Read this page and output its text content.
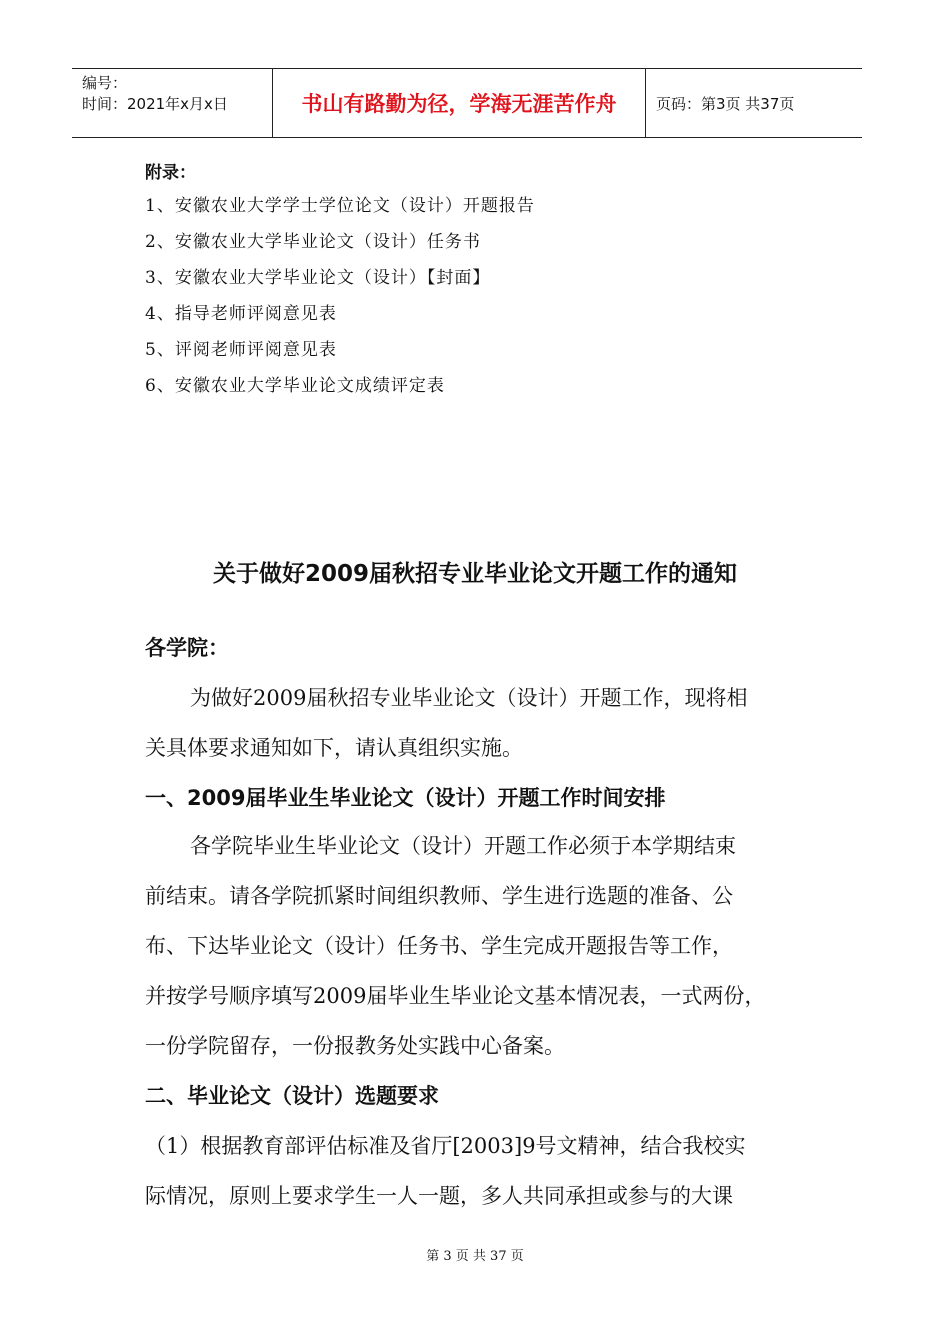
编号：
时间：2021年x月x日	书山有路勤为径，学海无涯苦作舟	页码：第3页 共37页
附录：
1、安徽农业大学学士学位论文（设计）开题报告
2、安徽农业大学毕业论文（设计）任务书
3、安徽农业大学毕业论文（设计）【封面】
4、指导老师评阅意见表
5、评阅老师评阅意见表
6、安徽农业大学毕业论文成绩评定表
关于做好2009届秋招专业毕业论文开题工作的通知
各学院：
为做好2009届秋招专业毕业论文（设计）开题工作，现将相
关具体要求通知如下，请认真组织实施。
一、2009届毕业生毕业论文（设计）开题工作时间安排
各学院毕业生毕业论文（设计）开题工作必须于本学期结束
前结束。请各学院抓紧时间组织教师、学生进行选题的准备、公
布、下达毕业论文（设计）任务书、学生完成开题报告等工作，
并按学号顺序填写2009届毕业生毕业论文基本情况表，一式两份，
一份学院留存，一份报教务处实践中心备案。
二、毕业论文（设计）选题要求
（1）根据教育部评估标准及省厅[2003]9号文精神，结合我校实
际情况，原则上要求学生一人一题，多人共同承担或参与的大课
第 3 页 共 37 页
